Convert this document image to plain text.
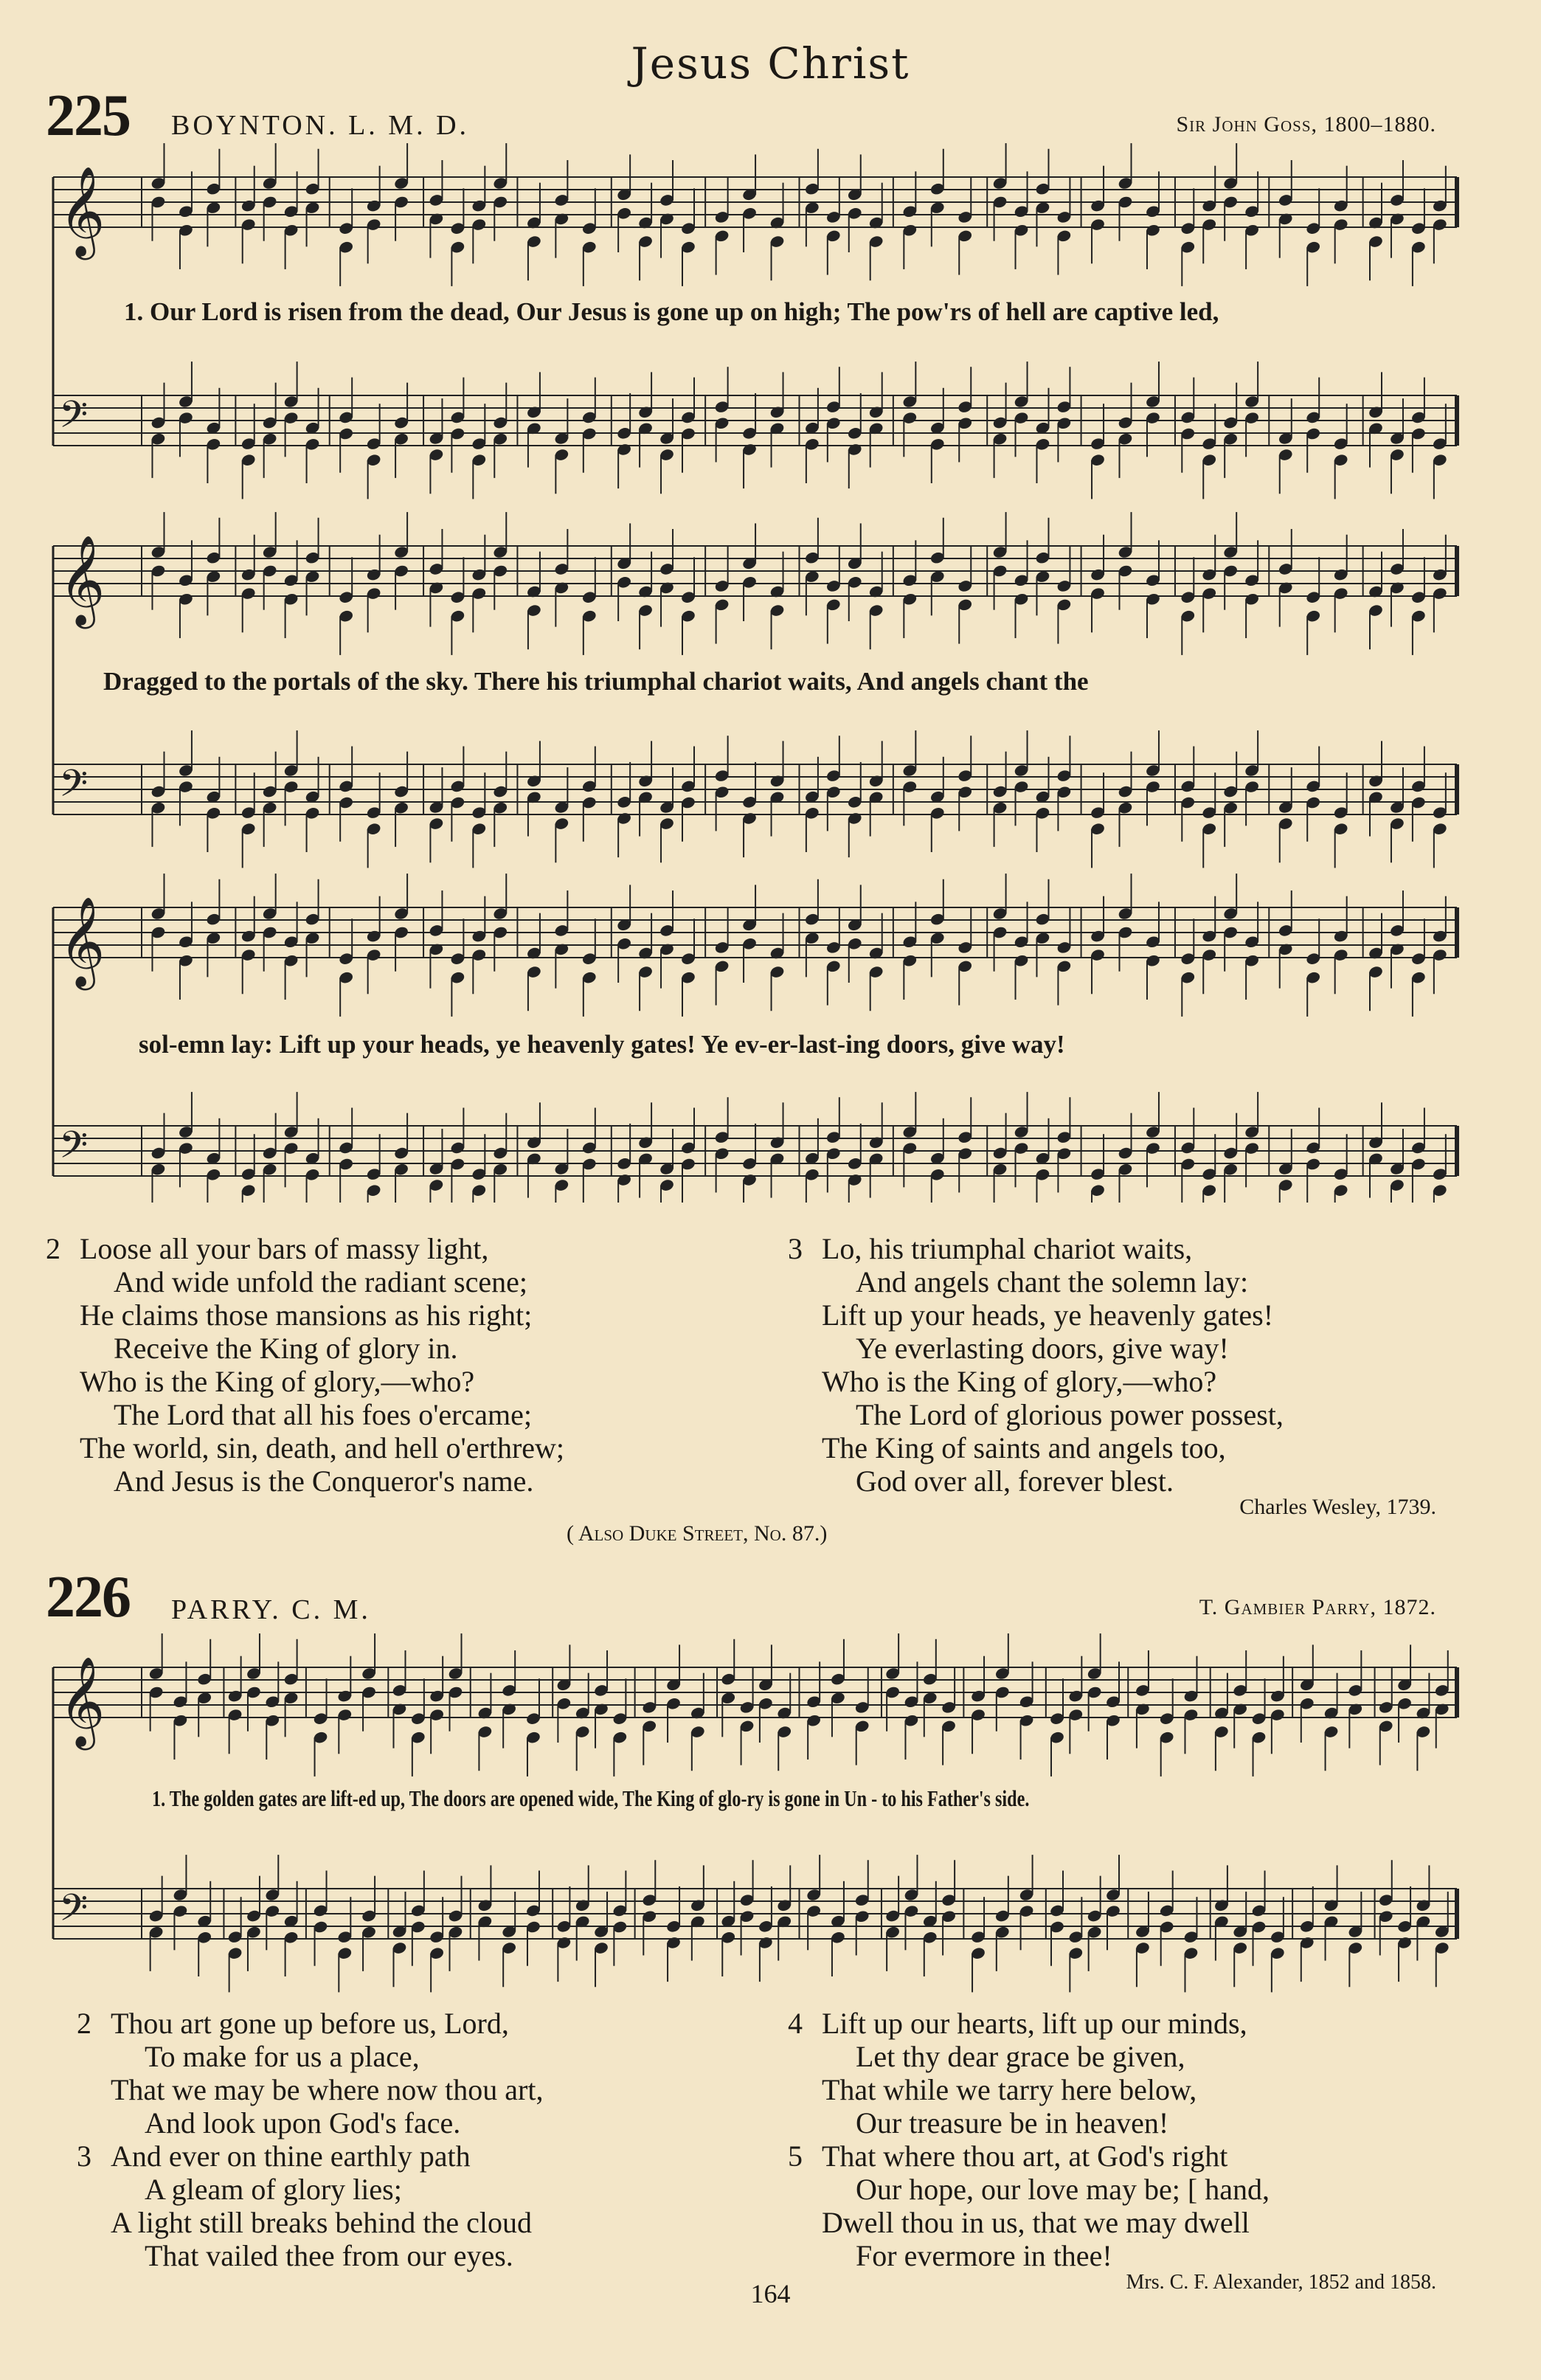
Jesus Christ
225 BOYNTON. L. M. D.	Sir John Goss, 1800–1880.
𝄞
𝄢
𝄞
𝄢
𝄞
𝄢
1. Our Lord is risen from the dead, Our Jesus is gone up on high; The pow'rs of hell are captive led,
Dragged to the portals of the sky. There his triumphal chariot waits, And angels chant the
sol-emn lay: Lift up your heads, ye heavenly gates! Ye ev-er-last-ing doors, give way!
2 Loose all your bars of massy light,
And wide unfold the radiant scene;
He claims those mansions as his right;
Receive the King of glory in.
Who is the King of glory,—who?
The Lord that all his foes o'ercame;
The world, sin, death, and hell o'erthrew;
And Jesus is the Conqueror's name.
3 Lo, his triumphal chariot waits,
And angels chant the solemn lay:
Lift up your heads, ye heavenly gates!
Ye everlasting doors, give way!
Who is the King of glory,—who?
The Lord of glorious power possest,
The King of saints and angels too,
God over all, forever blest.
Charles Wesley, 1739.
( Also Duke Street, No. 87.)
226 PARRY. C. M.	T. Gambier Parry, 1872.
𝄞
𝄢
1. The golden gates are lift-ed up, The doors are opened wide, The King of glo-ry is gone in Un - to his Father's side.
2 Thou art gone up before us, Lord,
To make for us a place,
That we may be where now thou art,
And look upon God's face.
3 And ever on thine earthly path
A gleam of glory lies;
A light still breaks behind the cloud
That vailed thee from our eyes.
4 Lift up our hearts, lift up our minds,
Let thy dear grace be given,
That while we tarry here below,
Our treasure be in heaven!
5 That where thou art, at God's right
Our hope, our love may be; [ hand,
Dwell thou in us, that we may dwell
For evermore in thee!
Mrs. C. F. Alexander, 1852 and 1858.
164
